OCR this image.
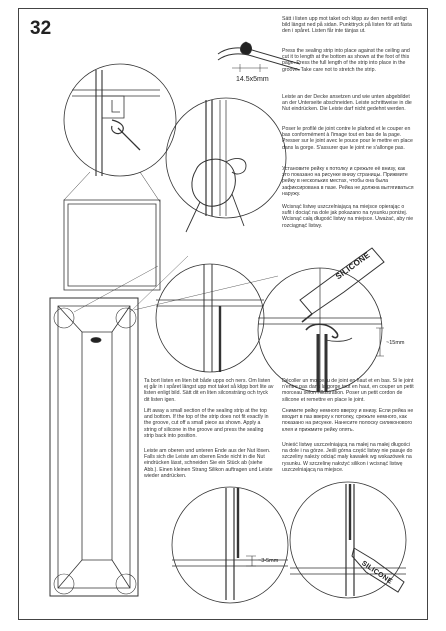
32
14.5x5mm
~15mm
~3-5mm
SILICONE
SILICONE

Sätt i listen upp mot taket och klipp av den nertill enligt bild längst ned på sidan. Punkttryck på listen för att fästa den i spåret. Listen får inte tänjas ut.

Press the sealing strip into place against the ceiling and cut it to length at the bottom as shown at the foot of this page. Press the full length of the strip into place in the groove. Take care not to stretch the strip.

Leiste an der Decke ansetzen und wie unten abgebildet an der Unterseite abschneiden. Leiste schrittweise in die Nut eindrücken. Die Leiste darf nicht gedehnt werden.

Poser le profilé de joint contre le plafond et le couper en bas conformément à l'image tout en bas de la page. Presser sur le joint avec le pouce pour le mettre en place dans la gorge. S'assurer que le joint ne s'allonge pas.

Установите рейку к потолку и срежьте её внизу, как это показано на рисунке внизу страницы. Прижмите рейку в нескольких местах, чтобы она была зафиксирована в пазе. Рейка не должна вытягиваться наружу.

Wcisnąć listwę uszczelniającą na miejsce opierając o sufit i dociąć na dole jak pokazano na rysunku poniżej. Wcisnąć całą długość listwy na miejsce. Uważać, aby nie rozciągnąć listwy.

Ta bort listen en liten bit både upps och ners. Om listen ej går in i spåret längst upp mot taket så klipp bort lite av listen enligt bild. Sätt dit en liten silconsträng och tryck dit listen igen.

Lift away a small section of the sealing strip at the top and bottom. If the top of the strip does not fit exactly in the groove, cut off a small piece as shown. Apply a string of silicone in the groove and press the sealing strip back into position.

Leiste am oberen und unteren Ende aus der Nut lösen. Falls sich die Leiste am oberen Ende nicht in die Nut eindrücken lässt, schneiden Sie ein Stück ab (siehe Abb.). Einen kleinen Strang Silikon auftragen und Leiste wieder andrücken.

Décoller un morceau de joint en haut et en bas. Si le joint n'entre pas dans la gorge tout en haut, en couper un petit morceau selon l'illustration. Poser un petit cordon de silicone et remettre en place le joint.

Снимите рейку немного вверху и внизу. Если рейка не входит в паз вверху к потолку, срежьте немного, как показано на рисунке. Нанесите полоску силиконового клея и прижмите рейку опять.

Unieść listwę uszczelniającą na małej na małej długości na dole i na górze. Jeśli górna część listwy nie pasuje do szczeliny należy odciąć mały kawałek wg wskazówek na rysunku. W szczelinę nałożyć silikon i wcisnąć listwę uszczelniającą na miejsce.
